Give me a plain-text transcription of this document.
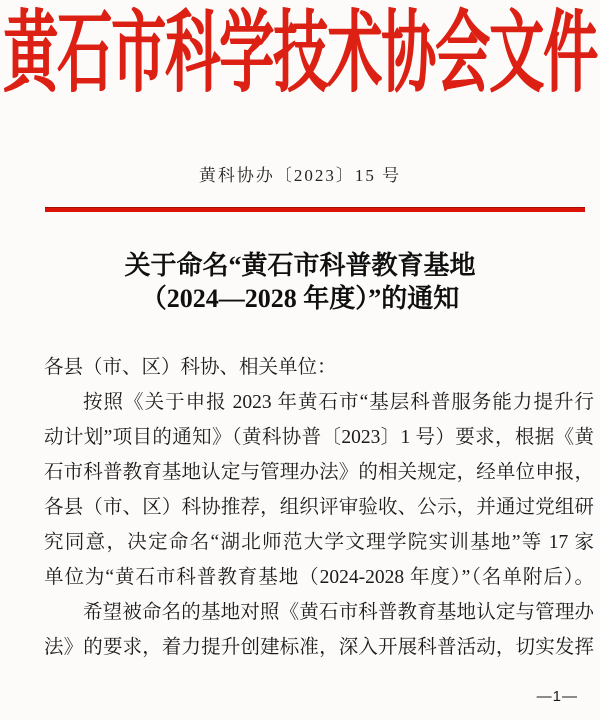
黄石市科学技术协会文件
黄科协办〔2023〕15 号
关于命名“黄石市科普教育基地
（2024—2028 年度）”的通知
各县（市、区）科协、相关单位：
按照《关于申报 2023 年黄石市“基层科普服务能力提升行
动计划”项目的通知》（黄科协普〔2023〕1 号）要求，根据《黄
石市科普教育基地认定与管理办法》的相关规定，经单位申报，
各县（市、区）科协推荐，组织评审验收、公示，并通过党组研
究同意，决定命名“湖北师范大学文理学院实训基地”等 17 家
单位为“黄石市科普教育基地（2024-2028 年度）”（名单附后）。
希望被命名的基地对照《黄石市科普教育基地认定与管理办
法》的要求，着力提升创建标准，深入开展科普活动，切实发挥
—1—
